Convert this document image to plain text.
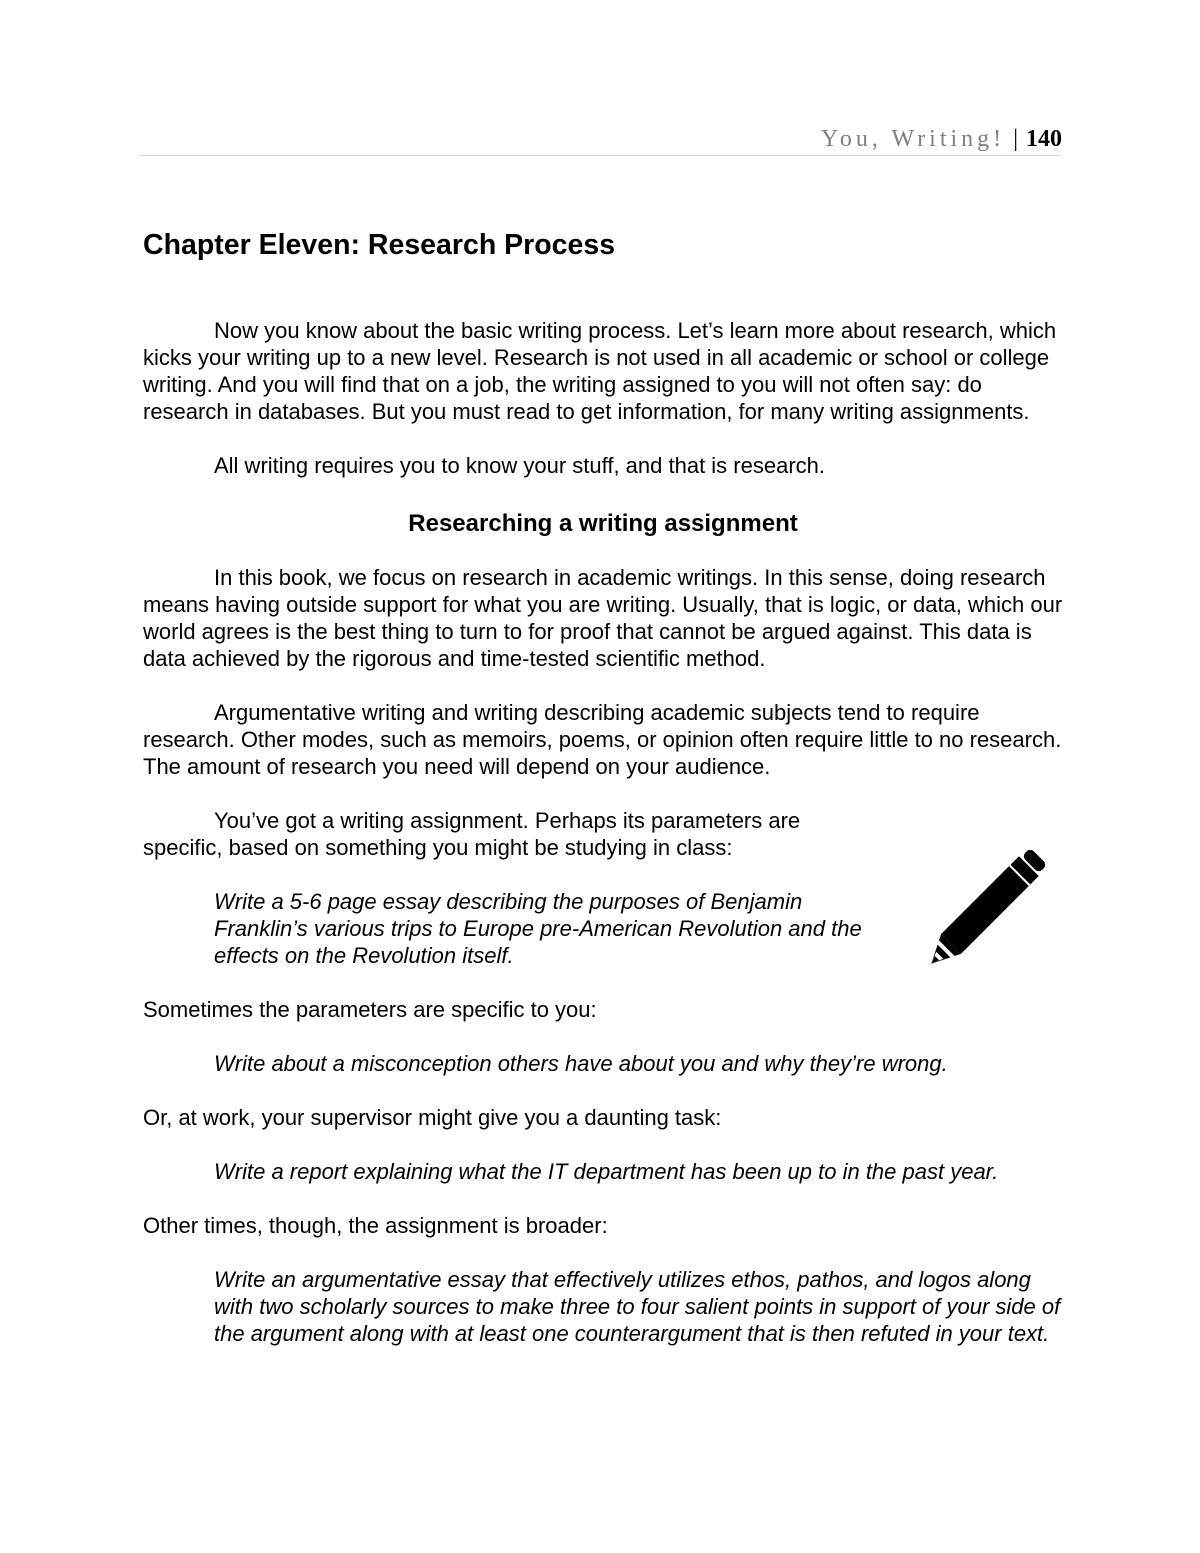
You, Writing! | 140
Chapter Eleven: Research Process

Now you know about the basic writing process. Let’s learn more about research, which kicks your writing up to a new level. Research is not used in all academic or school or college writing. And you will find that on a job, the writing assigned to you will not often say: do research in databases. But you must read to get information, for many writing assignments.

All writing requires you to know your stuff, and that is research.

Researching a writing assignment

In this book, we focus on research in academic writings. In this sense, doing research means having outside support for what you are writing. Usually, that is logic, or data, which our world agrees is the best thing to turn to for proof that cannot be argued against. This data is data achieved by the rigorous and time-tested scientific method.

Argumentative writing and writing describing academic subjects tend to require research. Other modes, such as memoirs, poems, or opinion often require little to no research. The amount of research you need will depend on your audience.

You’ve got a writing assignment. Perhaps its parameters are specific, based on something you might be studying in class:

Write a 5-6 page essay describing the purposes of Benjamin Franklin’s various trips to Europe pre-American Revolution and the effects on the Revolution itself.

Sometimes the parameters are specific to you:

Write about a misconception others have about you and why they’re wrong.

Or, at work, your supervisor might give you a daunting task:

Write a report explaining what the IT department has been up to in the past year.

Other times, though, the assignment is broader:

Write an argumentative essay that effectively utilizes ethos, pathos, and logos along with two scholarly sources to make three to four salient points in support of your side of the argument along with at least one counterargument that is then refuted in your text.
